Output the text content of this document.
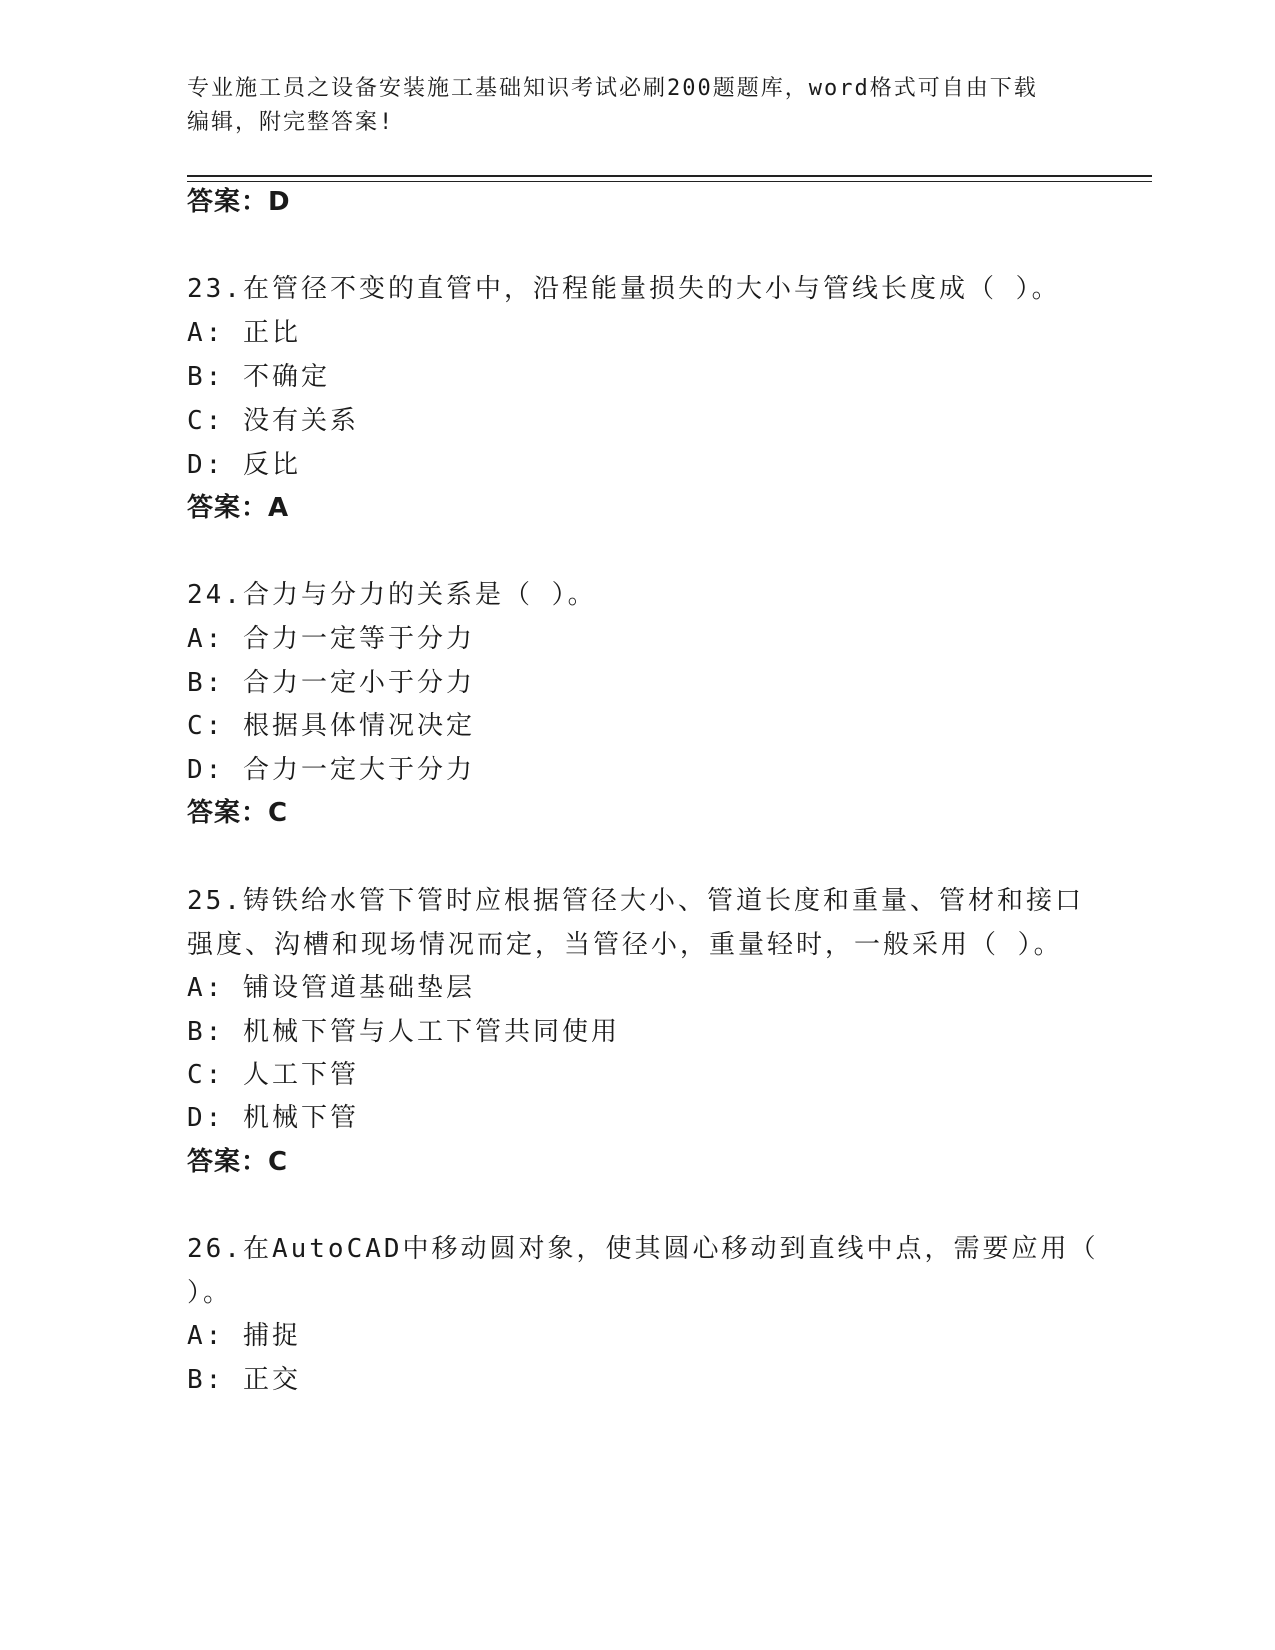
专业施工员之设备安装施工基础知识考试必刷200题题库，word格式可自由下载
编辑，附完整答案!
答案：D
23.在管径不变的直管中，沿程能量损失的大小与管线长度成（ ）。
A: 正比
B: 不确定
C: 没有关系
D: 反比
答案：A
24.合力与分力的关系是（ ）。
A: 合力一定等于分力
B: 合力一定小于分力
C: 根据具体情况决定
D: 合力一定大于分力
答案：C
25.铸铁给水管下管时应根据管径大小、管道长度和重量、管材和接口
强度、沟槽和现场情况而定，当管径小，重量轻时，一般采用（ ）。
A: 铺设管道基础垫层
B: 机械下管与人工下管共同使用
C: 人工下管
D: 机械下管
答案：C
26.在AutoCAD中移动圆对象，使其圆心移动到直线中点，需要应用（
）。
A: 捕捉
B: 正交
